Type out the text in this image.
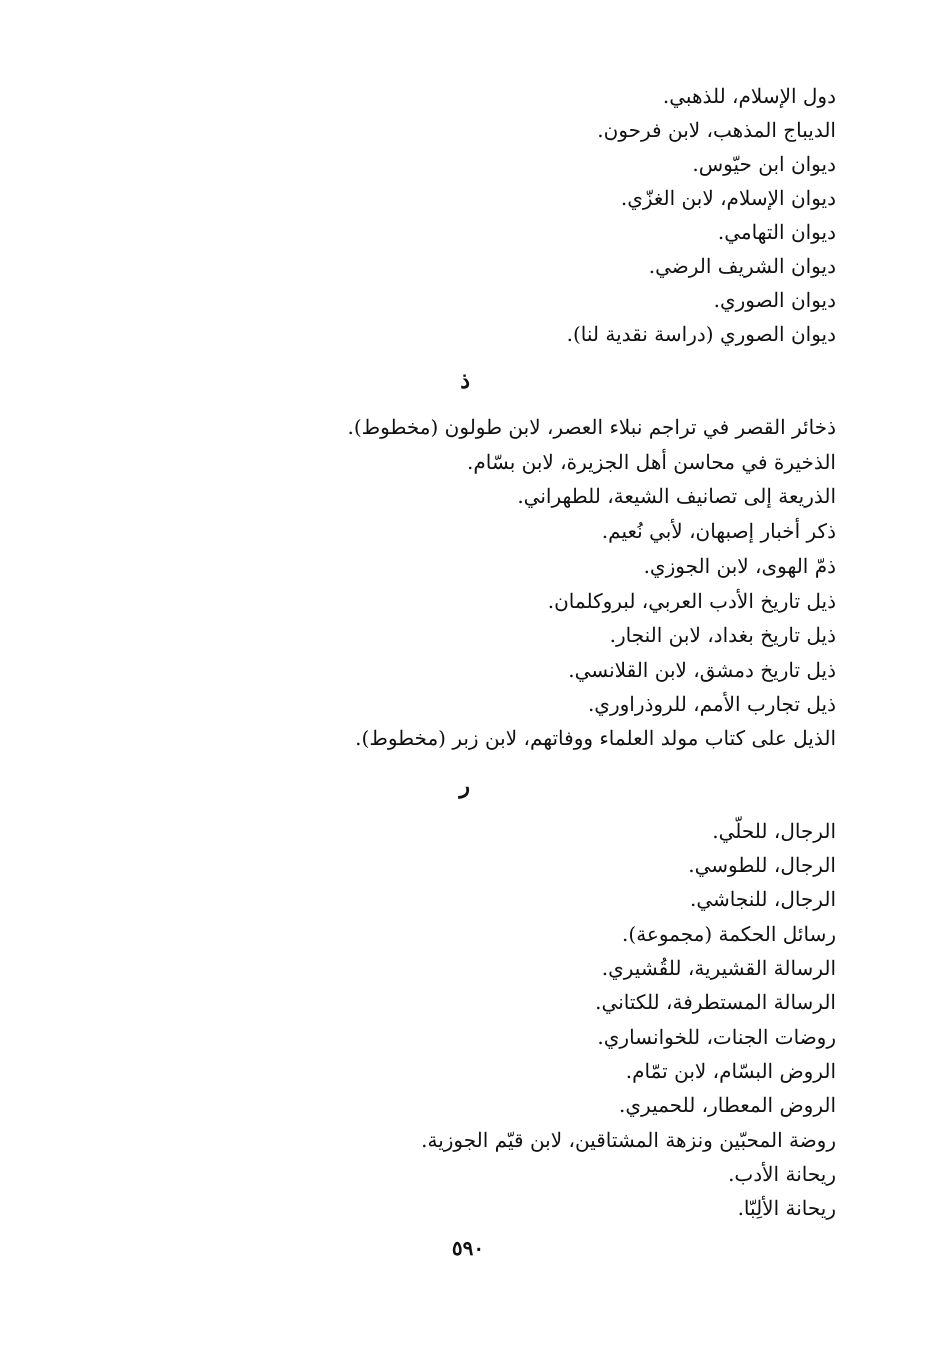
دول الإسلام، للذهبي.
الديباج المذهب، لابن فرحون.
ديوان ابن حيّوس.
ديوان الإسلام، لابن الغزّي.
ديوان التهامي.
ديوان الشريف الرضي.
ديوان الصوري.
ديوان الصوري (دراسة نقدية لنا).
ذ
ذخائر القصر في تراجم نبلاء العصر، لابن طولون (مخطوط).
الذخيرة في محاسن أهل الجزيرة، لابن بسّام.
الذريعة إلى تصانيف الشيعة، للطهراني.
ذكر أخبار إصبهان، لأبي نُعيم.
ذمّ الهوى، لابن الجوزي.
ذيل تاريخ الأدب العربي، لبروكلمان.
ذيل تاريخ بغداد، لابن النجار.
ذيل تاريخ دمشق، لابن القلانسي.
ذيل تجارب الأمم، للروذراوري.
الذيل على كتاب مولد العلماء ووفاتهم، لابن زبر (مخطوط).
ر
الرجال، للحلّي.
الرجال، للطوسي.
الرجال، للنجاشي.
رسائل الحكمة (مجموعة).
الرسالة القشيرية، للقُشيري.
الرسالة المستطرفة، للكتاني.
روضات الجنات، للخوانساري.
الروض البسّام، لابن تمّام.
الروض المعطار، للحميري.
روضة المحبّين ونزهة المشتاقين، لابن قيّم الجوزية.
ريحانة الأدب.
ريحانة الألِبّا.
٥٩٠
